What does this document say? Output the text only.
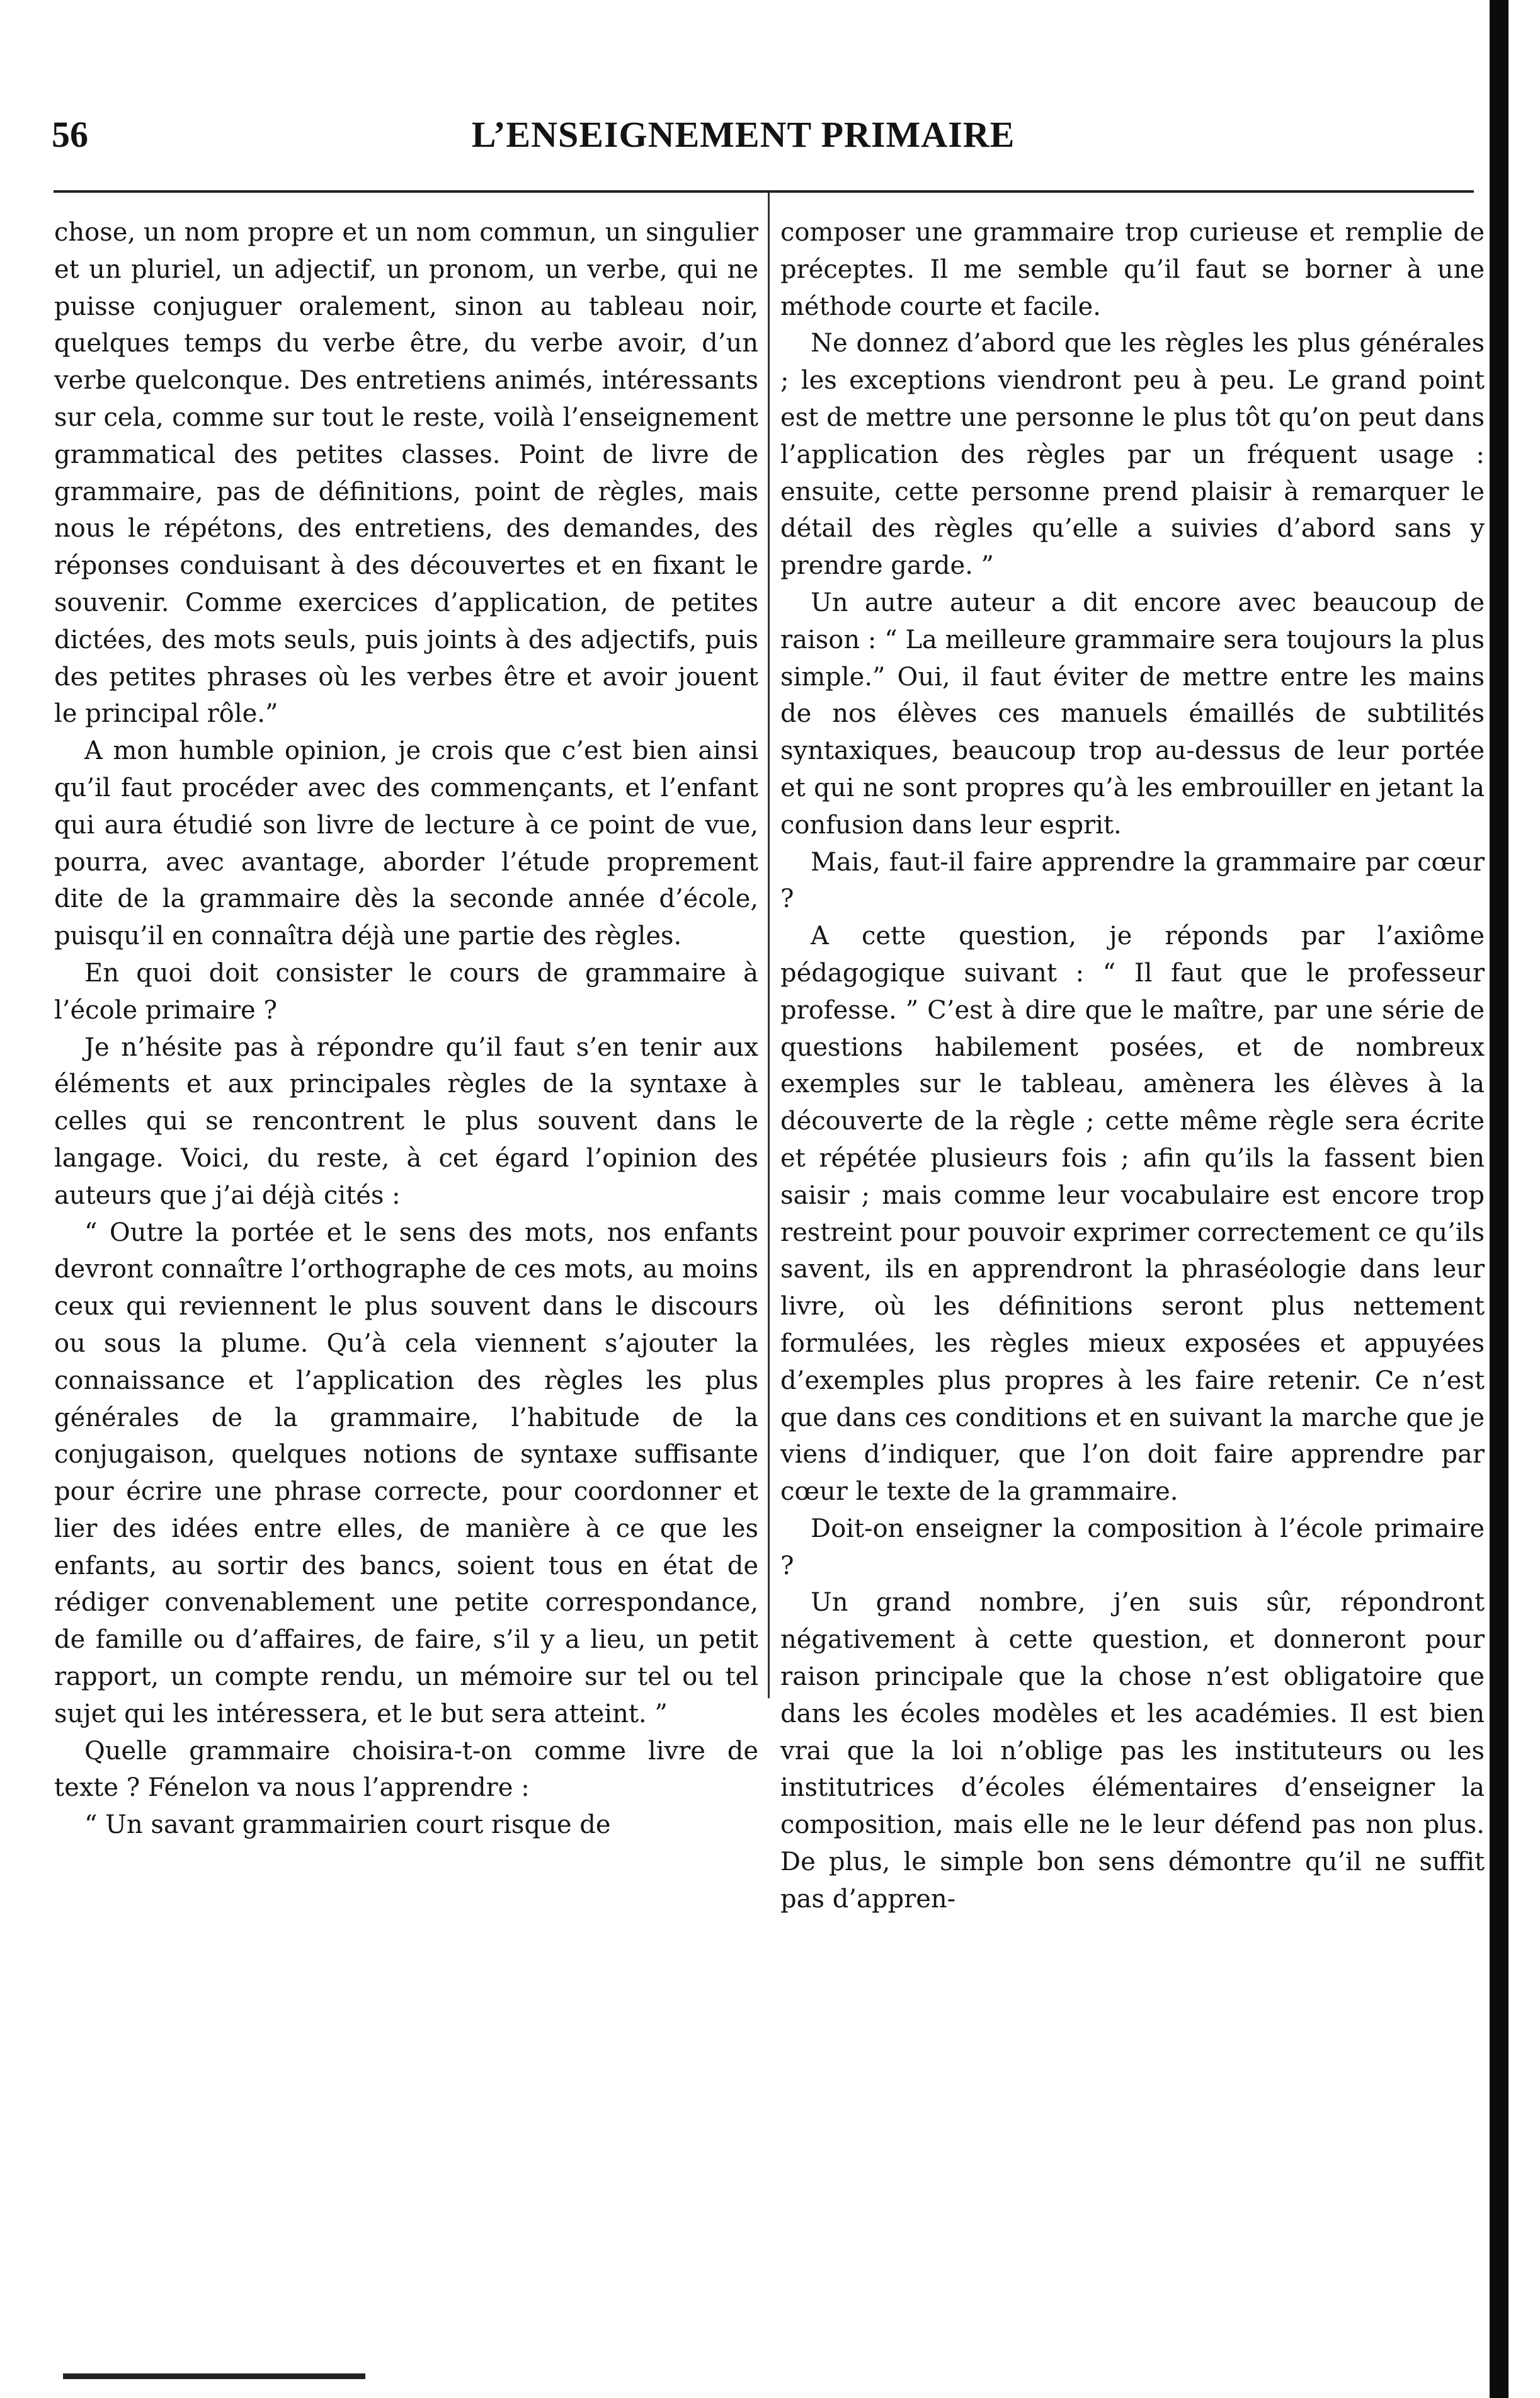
56	L’ENSEIGNEMENT PRIMAIRE

chose, un nom propre et un nom commun, un singulier et un pluriel, un adjectif, un pronom, un verbe, qui ne puisse conjuguer oralement, sinon au tableau noir, quelques temps du verbe être, du verbe avoir, d’un verbe quelconque. Des entretiens animés, intéressants sur cela, comme sur tout le reste, voilà l’enseignement grammatical des petites classes. Point de livre de grammaire, pas de définitions, point de règles, mais nous le répétons, des entretiens, des demandes, des réponses conduisant à des découvertes et en fixant le souvenir. Comme exercices d’application, de petites dictées, des mots seuls, puis joints à des adjectifs, puis des petites phrases où les verbes être et avoir jouent le principal rôle.”

A mon humble opinion, je crois que c’est bien ainsi qu’il faut procéder avec des commençants, et l’enfant qui aura étudié son livre de lecture à ce point de vue, pourra, avec avantage, aborder l’étude proprement dite de la grammaire dès la seconde année d’école, puisqu’il en connaîtra déjà une partie des règles.

En quoi doit consister le cours de grammaire à l’école primaire ?

Je n’hésite pas à répondre qu’il faut s’en tenir aux éléments et aux principales règles de la syntaxe à celles qui se rencontrent le plus souvent dans le langage. Voici, du reste, à cet égard l’opinion des auteurs que j’ai déjà cités :

“ Outre la portée et le sens des mots, nos enfants devront connaître l’orthographe de ces mots, au moins ceux qui reviennent le plus souvent dans le discours ou sous la plume. Qu’à cela viennent s’ajouter la connaissance et l’application des règles les plus générales de la grammaire, l’habitude de la conjugaison, quelques notions de syntaxe suffisante pour écrire une phrase correcte, pour coordonner et lier des idées entre elles, de manière à ce que les enfants, au sortir des bancs, soient tous en état de rédiger convenablement une petite correspondance, de famille ou d’affaires, de faire, s’il y a lieu, un petit rapport, un compte rendu, un mémoire sur tel ou tel sujet qui les intéressera, et le but sera atteint. ”

Quelle grammaire choisira-t-on comme livre de texte ? Fénelon va nous l’apprendre :

“ Un savant grammairien court risque de

composer une grammaire trop curieuse et remplie de préceptes. Il me semble qu’il faut se borner à une méthode courte et facile.

Ne donnez d’abord que les règles les plus générales ; les exceptions viendront peu à peu. Le grand point est de mettre une personne le plus tôt qu’on peut dans l’application des règles par un fréquent usage : ensuite, cette personne prend plaisir à remarquer le détail des règles qu’elle a suivies d’abord sans y prendre garde. ”

Un autre auteur a dit encore avec beaucoup de raison : “ La meilleure grammaire sera toujours la plus simple.” Oui, il faut éviter de mettre entre les mains de nos élèves ces manuels émaillés de subtilités syntaxiques, beaucoup trop au-dessus de leur portée et qui ne sont propres qu’à les embrouiller en jetant la confusion dans leur esprit.

Mais, faut-il faire apprendre la grammaire par cœur ?

A cette question, je réponds par l’axiôme pédagogique suivant : “ Il faut que le professeur professe. ” C’est à dire que le maître, par une série de questions habilement posées, et de nombreux exemples sur le tableau, amènera les élèves à la découverte de la règle ; cette même règle sera écrite et répétée plusieurs fois ; afin qu’ils la fassent bien saisir ; mais comme leur vocabulaire est encore trop restreint pour pouvoir exprimer correctement ce qu’ils savent, ils en apprendront la phraséologie dans leur livre, où les définitions seront plus nettement formulées, les règles mieux exposées et appuyées d’exemples plus propres à les faire retenir. Ce n’est que dans ces conditions et en suivant la marche que je viens d’indiquer, que l’on doit faire apprendre par cœur le texte de la grammaire.

Doit-on enseigner la composition à l’école primaire ?

Un grand nombre, j’en suis sûr, répondront négativement à cette question, et donneront pour raison principale que la chose n’est obligatoire que dans les écoles modèles et les académies. Il est bien vrai que la loi n’oblige pas les instituteurs ou les institutrices d’écoles élémentaires d’enseigner la composition, mais elle ne le leur défend pas non plus. De plus, le simple bon sens démontre qu’il ne suffit pas d’appren-
